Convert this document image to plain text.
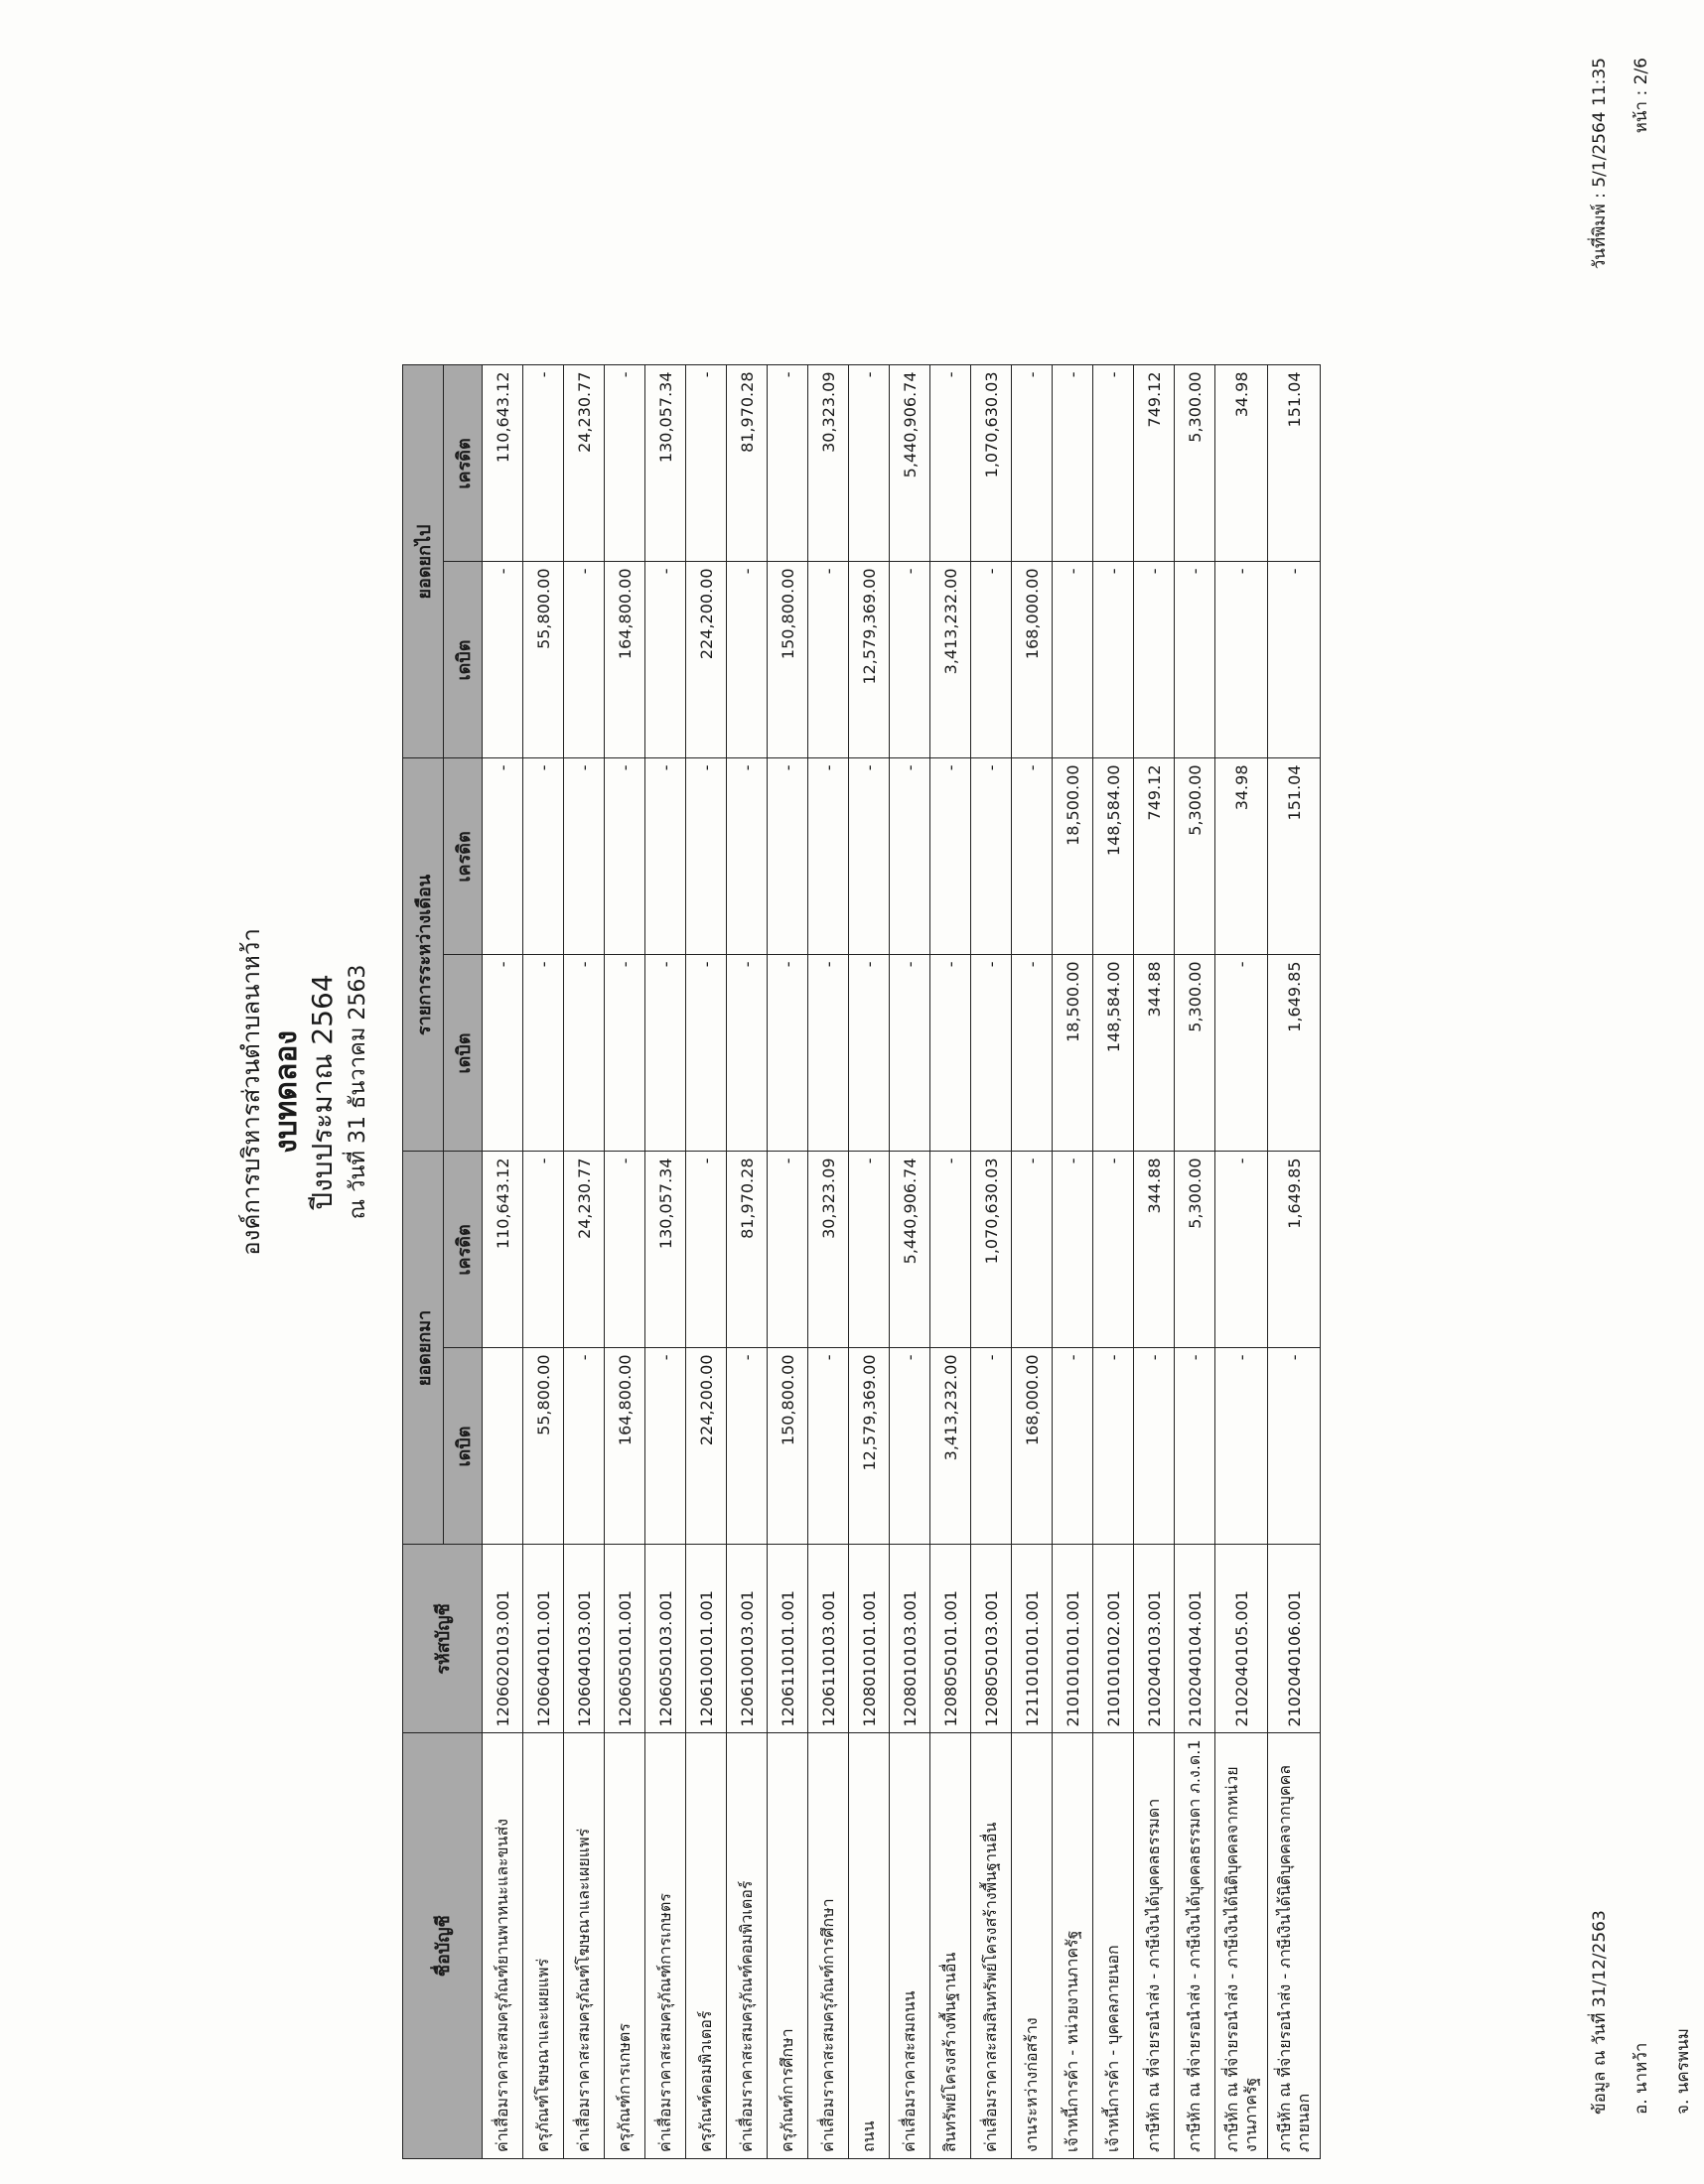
ข้อมูล ณ วันที่ 31/12/2563	อ. นาหว้า	จ. นครพนม
วันที่พิมพ์ : 5/1/2564 11:35	หน้า : 2/6
องค์การบริหารส่วนตำบลนาหว้า งบทดลอง ปีงบประมาณ 2564 ณ วันที่ 31 ธันวาคม 2563
ชื่อบัญชี	รหัสบัญชี	ยอดยกมา		รายการระหว่างเดือน		ยอดยกไป	
		เดบิต	เครดิต	เดบิต	เครดิต	เดบิต	เครดิต
ค่าเสื่อมราคาสะสมครุภัณฑ์ยานพาหนะและขนส่ง	1206020103.001		110,643.12	-	-	-	110,643.12
ครุภัณฑ์โฆษณาและเผยแพร่	1206040101.001	55,800.00	-	-	-	55,800.00	-
ค่าเสื่อมราคาสะสมครุภัณฑ์โฆษณาและเผยแพร่	1206040103.001	-	24,230.77	-	-	-	24,230.77
ครุภัณฑ์การเกษตร	1206050101.001	164,800.00	-	-	-	164,800.00	-
ค่าเสื่อมราคาสะสมครุภัณฑ์การเกษตร	1206050103.001	-	130,057.34	-	-	-	130,057.34
ครุภัณฑ์คอมพิวเตอร์	1206100101.001	224,200.00	-	-	-	224,200.00	-
ค่าเสื่อมราคาสะสมครุภัณฑ์คอมพิวเตอร์	1206100103.001	-	81,970.28	-	-	-	81,970.28
ครุภัณฑ์การศึกษา	1206110101.001	150,800.00	-	-	-	150,800.00	-
ค่าเสื่อมราคาสะสมครุภัณฑ์การศึกษา	1206110103.001	-	30,323.09	-	-	-	30,323.09
ถนน	1208010101.001	12,579,369.00	-	-	-	12,579,369.00	-
ค่าเสื่อมราคาสะสมถนน	1208010103.001	-	5,440,906.74	-	-	-	5,440,906.74
สินทรัพย์โครงสร้างพื้นฐานอื่น	1208050101.001	3,413,232.00	-	-	-	3,413,232.00	-
ค่าเสื่อมราคาสะสมสินทรัพย์โครงสร้างพื้นฐานอื่น	1208050103.001	-	1,070,630.03	-	-	-	1,070,630.03
งานระหว่างก่อสร้าง	1211010101.001	168,000.00	-	-	-	168,000.00	-
เจ้าหนี้การค้า - หน่วยงานภาครัฐ	2101010101.001	-	-	18,500.00	18,500.00	-	-
เจ้าหนี้การค้า - บุคคลภายนอก	2101010102.001	-	-	148,584.00	148,584.00	-	-
ภาษีหัก ณ ที่จ่ายรอนำส่ง - ภาษีเงินได้บุคคลธรรมดา	2102040103.001	-	344.88	344.88	749.12	-	749.12
ภาษีหัก ณ ที่จ่ายรอนำส่ง - ภาษีเงินได้บุคคลธรรมดา ภ.ง.ด.1	2102040104.001	-	5,300.00	5,300.00	5,300.00	-	5,300.00
ภาษีหัก ณ ที่จ่ายรอนำส่ง - ภาษีเงินได้นิติบุคคลจากหน่วยงานภาครัฐ	2102040105.001	-	-	-	34.98	-	34.98
ภาษีหัก ณ ที่จ่ายรอนำส่ง - ภาษีเงินได้นิติบุคคลจากบุคคลภายนอก	2102040106.001	-	1,649.85	1,649.85	151.04	-	151.04
